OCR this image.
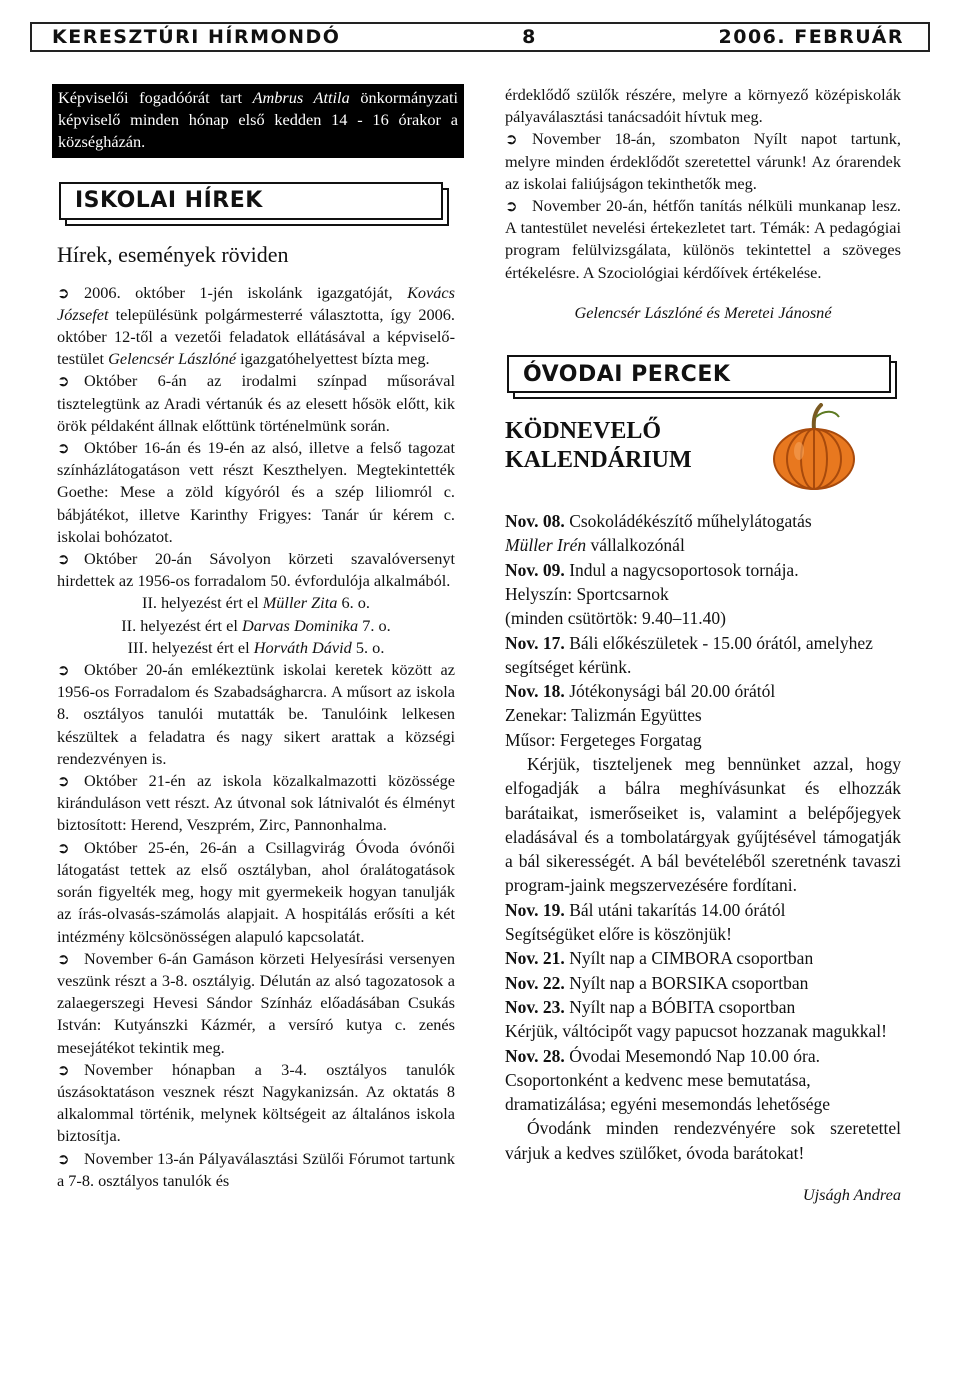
KERESZTÚRI HÍRMONDÓ	8	2006. FEBRUÁR
Képviselői fogadóórát tart Ambrus Attila önkormányzati képviselő minden hónap első kedden 14 - 16 órakor a községházán.
ISKOLAI HÍREK

Hírek, események röviden

➲ 2006. október 1-jén iskolánk igazgatóját, Kovács Józsefet településünk polgármesterré választotta, így 2006. október 12-től a vezetői feladatok ellátásával a képviselő-testület Gelencsér Lászlóné igazgatóhelyettest bízta meg.

➲ Október 6-án az irodalmi színpad műsorával tisztelegtünk az Aradi vértanúk és az elesett hősök előtt, kik örök példaként állnak előttünk történelmünk során.

➲ Október 16-án és 19-én az alsó, illetve a felső tagozat színházlátogatáson vett részt Keszthelyen. Megtekintették Goethe: Mese a zöld kígyóról és a szép liliomról c. bábjátékot, illetve Karinthy Frigyes: Tanár úr kérem c. iskolai bohózatot.

➲ Október 20-án Sávolyon körzeti szavalóversenyt hirdettek az 1956-os forradalom 50. évfordulója alkalmából.

II. helyezést ért el Müller Zita 6. o.

II. helyezést ért el Darvas Dominika 7. o.

III. helyezést ért el Horváth Dávid 5. o.

➲ Október 20-án emlékeztünk iskolai keretek között az 1956-os Forradalom és Szabadságharcra. A műsort az iskola 8. osztályos tanulói mutatták be. Tanulóink lelkesen készültek a feladatra és nagy sikert arattak a községi rendezvényen is.

➲ Október 21-én az iskola közalkalmazotti közössége kiránduláson vett részt. Az útvonal sok látnivalót és élményt biztosított: Herend, Veszprém, Zirc, Pannonhalma.

➲ Október 25-én, 26-án a Csillagvirág Óvoda óvónői látogatást tettek az első osztályban, ahol óralátogatások során figyelték meg, hogy mit gyermekeik hogyan tanulják az írás-olvasás-számolás alapjait. A hospitálás erősíti a két intézmény kölcsönösségen alapuló kapcsolatát.

➲ November 6-án Gamáson körzeti Helyesírási versenyen veszünk részt a 3-8. osztályig. Délután az alsó tagozatosok a zalaegerszegi Hevesi Sándor Színház előadásában Csukás István: Kutyánszki Kázmér, a versíró kutya c. zenés mesejátékot tekintik meg.

➲ November hónapban a 3-4. osztályos tanulók úszásoktatáson vesznek részt Nagykanizsán. Az oktatás 8 alkalommal történik, melynek költségeit az általános iskola biztosítja.

➲ November 13-án Pályaválasztási Szülői Fórumot tartunk a 7-8. osztályos tanulók és

érdeklődő szülők részére, melyre a környező középiskolák pályaválasztási tanácsadóit hívtuk meg.

➲ November 18-án, szombaton Nyílt napot tartunk, melyre minden érdeklődőt szeretettel várunk! Az órarendek az iskolai faliújságon tekinthetők meg.

➲ November 20-án, hétfőn tanítás nélküli munkanap lesz. A tantestület nevelési értekezletet tart. Témák: A pedagógiai program felülvizsgálata, különös tekintettel a szöveges értékelésre. A Szociológiai kérdőívek értékelése.

Gelencsér Lászlóné és Meretei Jánosné

ÓVODAI PERCEK

KÖDNEVELŐ
KALENDÁRIUM

Nov. 08. Csokoládékészítő műhelylátogatás
Müller Irén vállalkozónál

Nov. 09. Indul a nagycsoportosok tornája.
Helyszín: Sportcsarnok
(minden csütörtök: 9.40–11.40)

Nov. 17. Báli előkészületek - 15.00 órától, amelyhez segítséget kérünk.

Nov. 18. Jótékonysági bál 20.00 órától
Zenekar: Talizmán Együttes
Műsor: Fergeteges Forgatag

Kérjük, tiszteljenek meg bennünket azzal, hogy elfogadják a bálra meghívásunkat és elhozzák barátaikat, ismerőseiket is, valamint a belépőjegyek eladásával és a tombolatárgyak gyűjtésével támogatják a bál sikerességét. A bál bevételéből szeretnénk tavaszi program-jaink megszervezésére fordítani.

Nov. 19. Bál utáni takarítás 14.00 órától
Segítségüket előre is köszönjük!

Nov. 21. Nyílt nap a CIMBORA csoportban

Nov. 22. Nyílt nap a BORSIKA csoportban

Nov. 23. Nyílt nap a BÓBITA csoportban
Kérjük, váltócipőt vagy papucsot hozzanak magukkal!

Nov. 28. Óvodai Mesemondó Nap 10.00 óra.
Csoportonként a kedvenc mese bemutatása, dramatizálása; egyéni mesemondás lehetősége

Óvodánk minden rendezvényére sok szeretettel várjuk a kedves szülőket, óvoda barátokat!

Ujságh Andrea
